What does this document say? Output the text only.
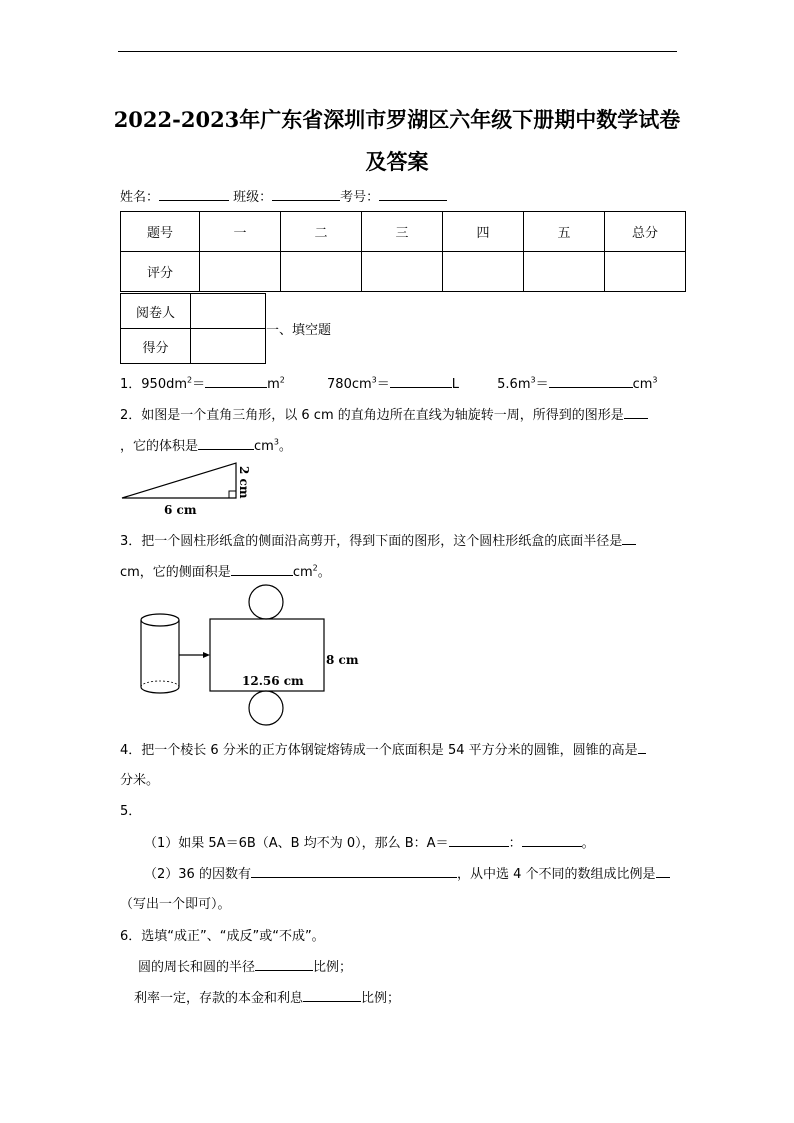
2022-2023年广东省深圳市罗湖区六年级下册期中数学试卷
及答案
姓名：	班级：	考号：
题号	一	二	三	四	五	总分
评分						
阅卷人	
得分	
一、填空题
1．$950dm^2=$	$m^2$	$780cm^3=$	L	$5.6m^3=$	$cm^3$
2．如图是一个直角三角形，以 6 cm 的直角边所在直线为轴旋转一周，所得到的图形是
，它的体积是	$cm^3$。
6 cm
2 cm
3．把一个圆柱形纸盒的侧面沿高剪开，得到下面的图形，这个圆柱形纸盒的底面半径是
cm，它的侧面积是	$cm^2$。
8 cm
12.56 cm
4．把一个棱长 6 分米的正方体钢锭熔铸成一个底面积是 54 平方分米的圆锥，圆锥的高是
分米。
5．
（1）如果 5A＝6B（A、B 均不为 0），那么 B：A＝	：	。
（2）36 的因数有	，从中选 4 个不同的数组成比例是
（写出一个即可）。
6．选填“成正”、“成反”或“不成”。
圆的周长和圆的半径	比例；
利率一定，存款的本金和利息	比例；
